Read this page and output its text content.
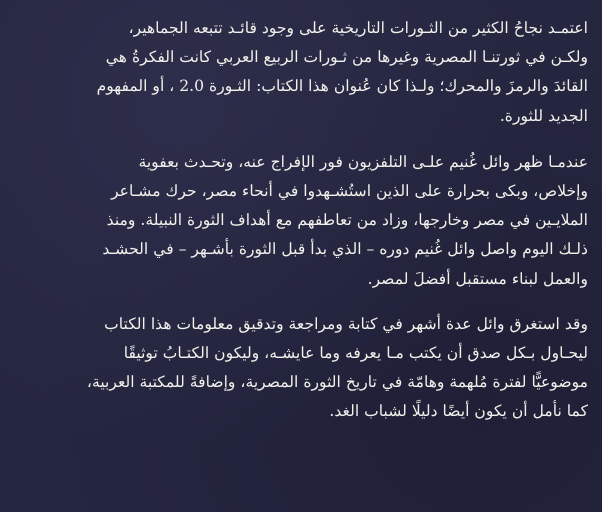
اعتمـد نجاحُ الكثير من الثـورات التاريخية على وجود قائـد تتبعه الجماهير،
ولكـن في ثورتنـا المصرية وغيرها من ثـورات الربيع العربي كانت الفكرةُ هي
القائدَ والرمزَ والمحرك؛ ولـذا كان عُنوان هذا الكتاب: الثـورة 2.0 ، أو المفهوم
الجديد للثورة.
عندمـا ظهر وائل غُنيم علـى التلفزيون فور الإفراج عنه، وتحـدث بعفوية
وإخلاص، وبكى بحرارة على الذين استُشـهدوا في أنحاء مصر، حرك مشـاعر
الملايـين في مصر وخارجها، وزاد من تعاطفهم مع أهداف الثورة النبيلة. ومنذ
ذلـك اليوم واصل وائل غُنيم دوره – الذي بدأ قبل الثورة بأشـهر – في الحشـد
والعمل لبناء مستقبل أفضلَ لمصر.
وقد استغرق وائل عدة أشهر في كتابة ومراجعة وتدقيق معلومات هذا الكتاب
ليحـاول بـكل صدق أن يكتب مـا يعرفه وما عايشـه، وليكون الكتـابُ توثيقًا
موضوعيًّا لفترة مُلهمة وهامّة في تاريخ الثورة المصرية، وإضافةً للمكتبة العربية،
كما نأمل أن يكون أيضًا دليلًا لشباب الغد.
